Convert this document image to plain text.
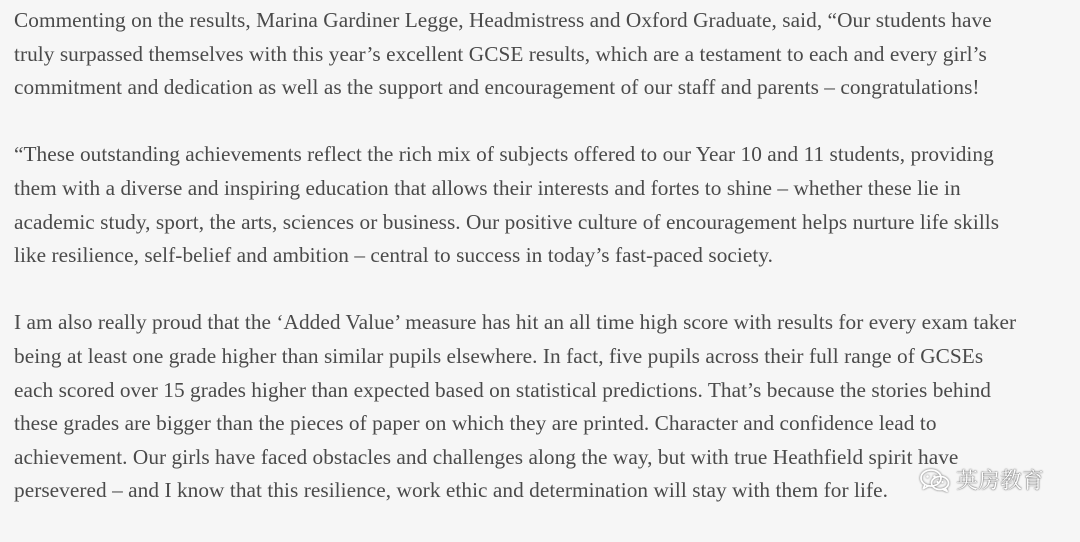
Commenting on the results, Marina Gardiner Legge, Headmistress and Oxford Graduate, said, “Our students have
truly surpassed themselves with this year’s excellent GCSE results, which are a testament to each and every girl’s
commitment and dedication as well as the support and encouragement of our staff and parents – congratulations!
“These outstanding achievements reflect the rich mix of subjects offered to our Year 10 and 11 students, providing
them with a diverse and inspiring education that allows their interests and fortes to shine – whether these lie in
academic study, sport, the arts, sciences or business. Our positive culture of encouragement helps nurture life skills
like resilience, self-belief and ambition – central to success in today’s fast-paced society.
I am also really proud that the ‘Added Value’ measure has hit an all time high score with results for every exam taker
being at least one grade higher than similar pupils elsewhere. In fact, five pupils across their full range of GCSEs
each scored over 15 grades higher than expected based on statistical predictions. That’s because the stories behind
these grades are bigger than the pieces of paper on which they are printed. Character and confidence lead to
achievement. Our girls have faced obstacles and challenges along the way, but with true Heathfield spirit have
persevered – and I know that this resilience, work ethic and determination will stay with them for life.	英房教育
